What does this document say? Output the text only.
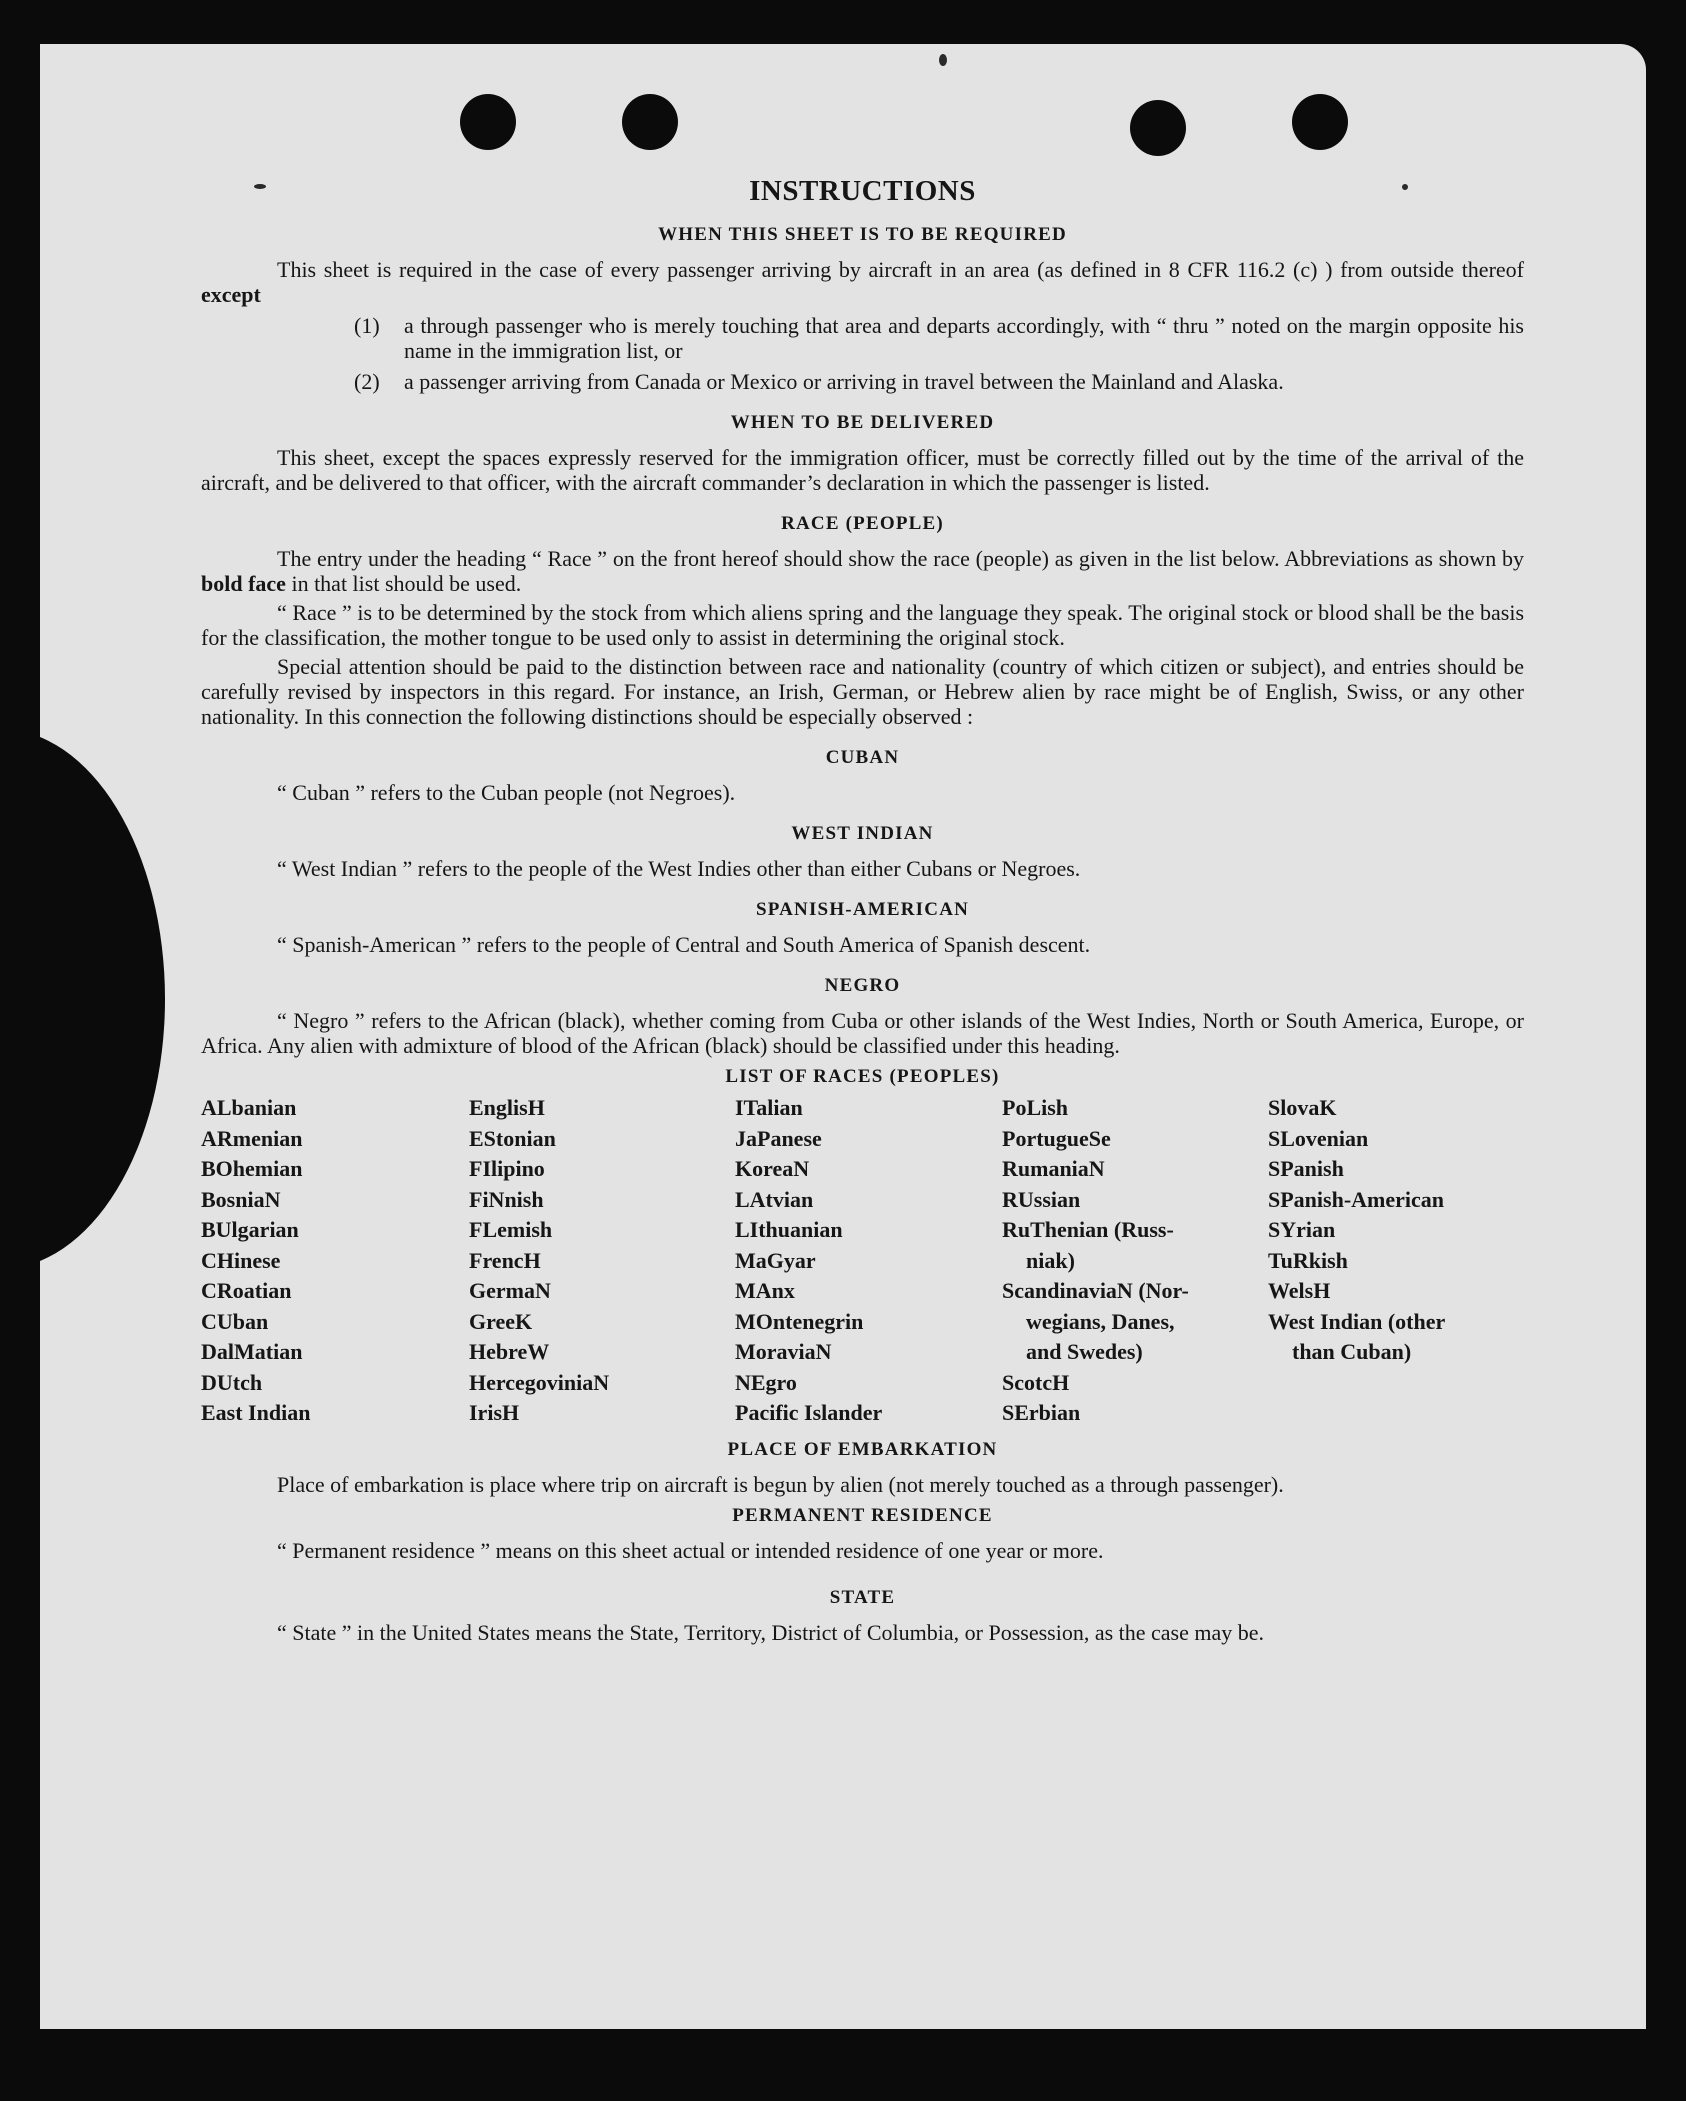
INSTRUCTIONS
WHEN THIS SHEET IS TO BE REQUIRED

This sheet is required in the case of every passenger arriving by aircraft in an area (as defined in 8 CFR 116.2 (c) ) from outside thereof except

(1)	a through passenger who is merely touching that area and departs accordingly, with “ thru ” noted on the margin opposite his name in the immigration list, or
(2)	a passenger arriving from Canada or Mexico or arriving in travel between the Mainland and Alaska.
WHEN TO BE DELIVERED

This sheet, except the spaces expressly reserved for the immigration officer, must be correctly filled out by the time of the arrival of the aircraft, and be delivered to that officer, with the aircraft commander’s declaration in which the passenger is listed.

RACE (PEOPLE)

The entry under the heading “ Race ” on the front hereof should show the race (people) as given in the list below. Abbreviations as shown by bold face in that list should be used.

“ Race ” is to be determined by the stock from which aliens spring and the language they speak. The original stock or blood shall be the basis for the classification, the mother tongue to be used only to assist in determining the original stock.

Special attention should be paid to the distinction between race and nationality (country of which citizen or subject), and entries should be carefully revised by inspectors in this regard. For instance, an Irish, German, or Hebrew alien by race might be of English, Swiss, or any other nationality. In this connection the following distinctions should be especially observed :

CUBAN

“ Cuban ” refers to the Cuban people (not Negroes).

WEST INDIAN

“ West Indian ” refers to the people of the West Indies other than either Cubans or Negroes.

SPANISH-AMERICAN

“ Spanish-American ” refers to the people of Central and South America of Spanish descent.

NEGRO

“ Negro ” refers to the African (black), whether coming from Cuba or other islands of the West Indies, North or South America, Europe, or Africa. Any alien with admixture of blood of the African (black) should be classified under this heading.

LIST OF RACES (PEOPLES)
ALbanian	EnglisH	ITalian	PoLish	SlovaK
ARmenian	EStonian	JaPanese	PortugueSe	SLovenian
BOhemian	FIlipino	KoreaN	RumaniaN	SPanish
BosniaN	FiNnish	LAtvian	RUssian	SPanish-American
BUlgarian	FLemish	LIthuanian	RuThenian (Russ-	SYrian
CHinese	FrencH	MaGyar	niak)	TuRkish
CRoatian	GermaN	MAnx	ScandinaviaN (Nor-	WelsH
CUban	GreeK	MOntenegrin	wegians, Danes,	West Indian (other
DalMatian	HebreW	MoraviaN	and Swedes)	than Cuban)
DUtch	HercegoviniaN	NEgro	ScotcH
East Indian	IrisH	Pacific Islander	SErbian
PLACE OF EMBARKATION

Place of embarkation is place where trip on aircraft is begun by alien (not merely touched as a through passenger).

PERMANENT RESIDENCE

“ Permanent residence ” means on this sheet actual or intended residence of one year or more.

STATE

“ State ” in the United States means the State, Territory, District of Columbia, or Possession, as the case may be.
